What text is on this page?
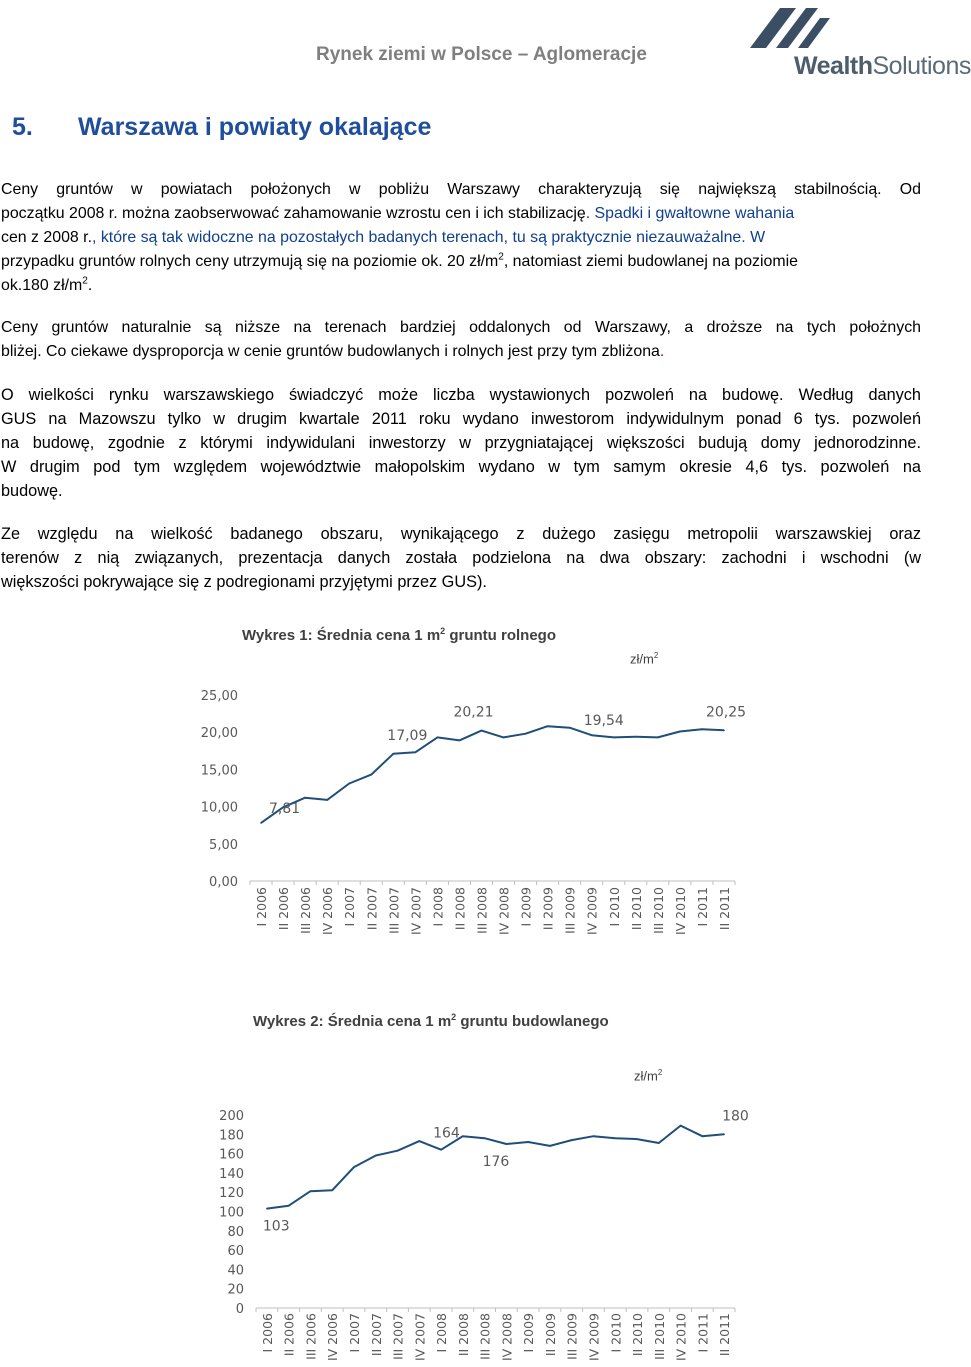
Rynek ziemi w Polsce – Aglomeracje	WealthSolutions
5. Warszawa i powiaty okalające
Ceny gruntów w powiatach położonych w pobliżu Warszawy charakteryzują się największą stabilnością. Od
początku 2008 r. można zaobserwować zahamowanie wzrostu cen i ich stabilizację. Spadki i gwałtowne wahania
cen z 2008 r., które są tak widoczne na pozostałych badanych terenach, tu są praktycznie niezauważalne. W
przypadku gruntów rolnych ceny utrzymują się na poziomie ok. 20 $zł/m^2$, natomiast ziemi budowlanej na poziomie
ok.180 $zł/m^2$.
Ceny gruntów naturalnie są niższe na terenach bardziej oddalonych od Warszawy, a droższe na tych położnych
bliżej. Co ciekawe dysproporcja w cenie gruntów budowlanych i rolnych jest przy tym zbliżona.
O wielkości rynku warszawskiego świadczyć może liczba wystawionych pozwoleń na budowę. Według danych
GUS na Mazowszu tylko w drugim kwartale 2011 roku wydano inwestorom indywidulnym ponad 6 tys. pozwoleń
na budowę, zgodnie z którymi indywidulani inwestorzy w przygniatającej większości budują domy jednorodzinne.
W drugim pod tym względem województwie małopolskim wydano w tym samym okresie 4,6 tys. pozwoleń na
budowę.
Ze względu na wielkość badanego obszaru, wynikającego z dużego zasięgu metropolii warszawskiej oraz
terenów z nią związanych, prezentacja danych została podzielona na dwa obszary: zachodni i wschodni (w
większości pokrywające się z podregionami przyjętymi przez GUS).
Wykres 1: Średnia cena 1 $m^2$ gruntu rolnego
$zł/m^2$
0,00
5,00
10,00
15,00
20,00
25,00
I 2006 II 2006 III 2006 IV 2006 I 2007 II 2007 III 2007 IV 2007 I 2008 II 2008 III 2008 IV 2008 I 2009 II 2009 III 2009 IV 2009 I 2010 II 2010 III 2010 IV 2010 I 2011 II 2011
7,81
17,09
20,21
19,54
20,25
Wykres 2: Średnia cena 1 $m^2$ gruntu budowlanego
$zł/m^2$
0
20
40
60
80
100
120
140
160
180
200
I 2006 II 2006 III 2006 IV 2006 I 2007 II 2007 III 2007 IV 2007 I 2008 II 2008 III 2008 IV 2008 I 2009 II 2009 III 2009 IV 2009 I 2010 II 2010 III 2010 IV 2010 I 2011 II 2011
103
164
176
180
